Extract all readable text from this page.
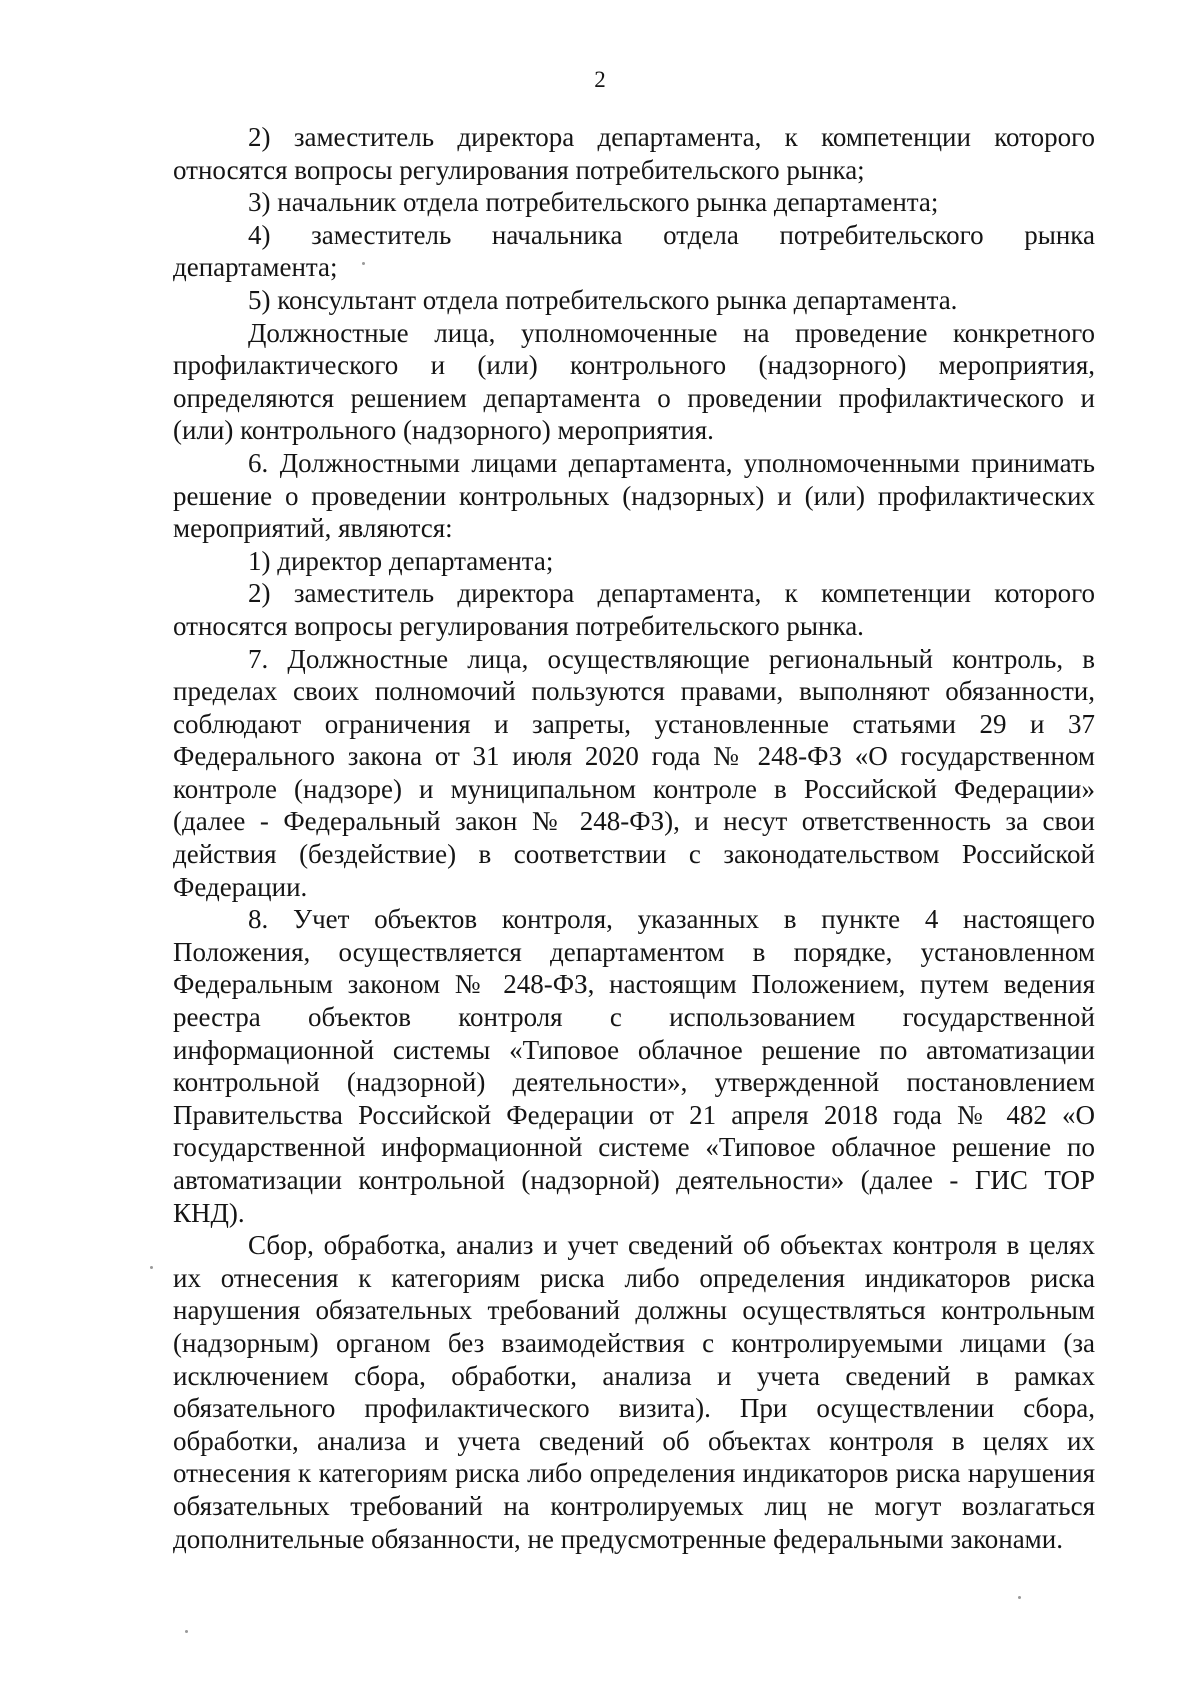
2

2) заместитель директора департамента, к компетенции которого относятся вопросы регулирования потребительского рынка;

3) начальник отдела потребительского рынка департамента;

4) заместитель начальника отдела потребительского рынка департамента;

5) консультант отдела потребительского рынка департамента.

Должностные лица, уполномоченные на проведение конкретного профилактического и (или) контрольного (надзорного) мероприятия, определяются решением департамента о проведении профилактического и (или) контрольного (надзорного) мероприятия.

6. Должностными лицами департамента, уполномоченными принимать решение о проведении контрольных (надзорных) и (или) профилактических мероприятий, являются:

1) директор департамента;

2) заместитель директора департамента, к компетенции которого относятся вопросы регулирования потребительского рынка.

7. Должностные лица, осуществляющие региональный контроль, в пределах своих полномочий пользуются правами, выполняют обязанности, соблюдают ограничения и запреты, установленные статьями 29 и 37 Федерального закона от 31 июля 2020 года № 248-ФЗ «О государственном контроле (надзоре) и муниципальном контроле в Российской Федерации» (далее - Федеральный закон № 248-ФЗ), и несут ответственность за свои действия (бездействие) в соответствии с законодательством Российской Федерации.

8. Учет объектов контроля, указанных в пункте 4 настоящего Положения, осуществляется департаментом в порядке, установленном Федеральным законом № 248-ФЗ, настоящим Положением, путем ведения реестра объектов контроля с использованием государственной информационной системы «Типовое облачное решение по автоматизации контрольной (надзорной) деятельности», утвержденной постановлением Правительства Российской Федерации от 21 апреля 2018 года № 482 «О государственной информационной системе «Типовое облачное решение по автоматизации контрольной (надзорной) деятельности» (далее - ГИС ТОР КНД).

Сбор, обработка, анализ и учет сведений об объектах контроля в целях их отнесения к категориям риска либо определения индикаторов риска нарушения обязательных требований должны осуществляться контрольным (надзорным) органом без взаимодействия с контролируемыми лицами (за исключением сбора, обработки, анализа и учета сведений в рамках обязательного профилактического визита). При осуществлении сбора, обработки, анализа и учета сведений об объектах контроля в целях их отнесения к категориям риска либо определения индикаторов риска нарушения обязательных требований на контролируемых лиц не могут возлагаться дополнительные обязанности, не предусмотренные федеральными законами.
